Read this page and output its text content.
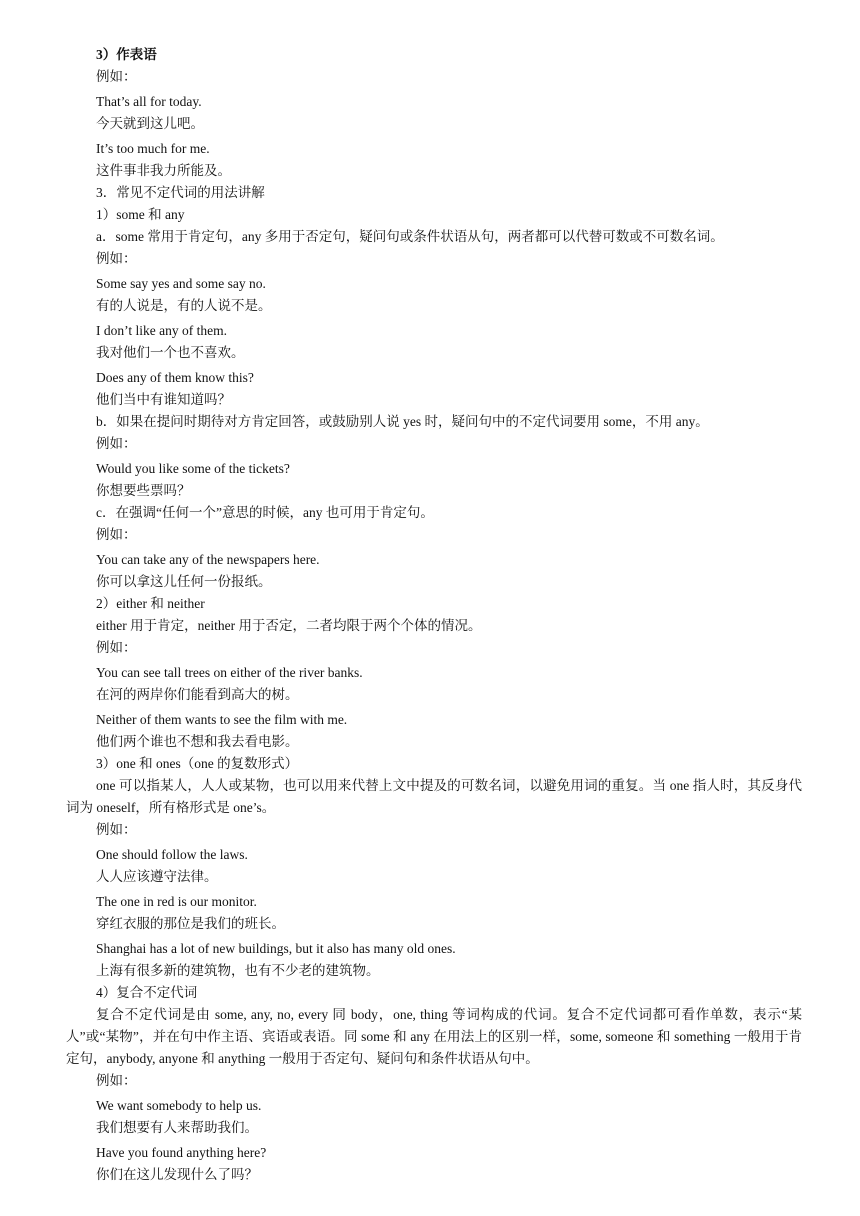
3）作表语

例如：

That’s all for today.
今天就到这儿吧。
It’s too much for me.
这件事非我力所能及。

3．常见不定代词的用法讲解

1）some 和 any

a．some 常用于肯定句，any 多用于否定句，疑问句或条件状语从句，两者都可以代替可数或不可数名词。

例如：

Some say yes and some say no.
有的人说是，有的人说不是。
I don’t like any of them.
我对他们一个也不喜欢。
Does any of them know this?
他们当中有谁知道吗？

b．如果在提问时期待对方肯定回答，或鼓励别人说 yes 时，疑问句中的不定代词要用 some，不用 any。

例如：

Would you like some of the tickets?
你想要些票吗？

c．在强调“任何一个”意思的时候，any 也可用于肯定句。

例如：

You can take any of the newspapers here.
你可以拿这儿任何一份报纸。

2）either 和 neither

either 用于肯定，neither 用于否定，二者均限于两个个体的情况。

例如：

You can see tall trees on either of the river banks.
在河的两岸你们能看到高大的树。
Neither of them wants to see the film with me.
他们两个谁也不想和我去看电影。

3）one 和 ones（one 的复数形式）

one 可以指某人，人人或某物，也可以用来代替上文中提及的可数名词，以避免用词的重复。当 one 指人时，其反身代词为 oneself，所有格形式是 one’s。

例如：

One should follow the laws.
人人应该遵守法律。
The one in red is our monitor.
穿红衣服的那位是我们的班长。
Shanghai has a lot of new buildings, but it also has many old ones.
上海有很多新的建筑物，也有不少老的建筑物。

4）复合不定代词

复合不定代词是由 some, any, no, every 同 body，one, thing 等词构成的代词。复合不定代词都可看作单数，表示“某人”或“某物”，并在句中作主语、宾语或表语。同 some 和 any 在用法上的区别一样，some, someone 和 something 一般用于肯定句，anybody, anyone 和 anything 一般用于否定句、疑问句和条件状语从句中。

例如：

We want somebody to help us.
我们想要有人来帮助我们。
Have you found anything here?
你们在这儿发现什么了吗？
